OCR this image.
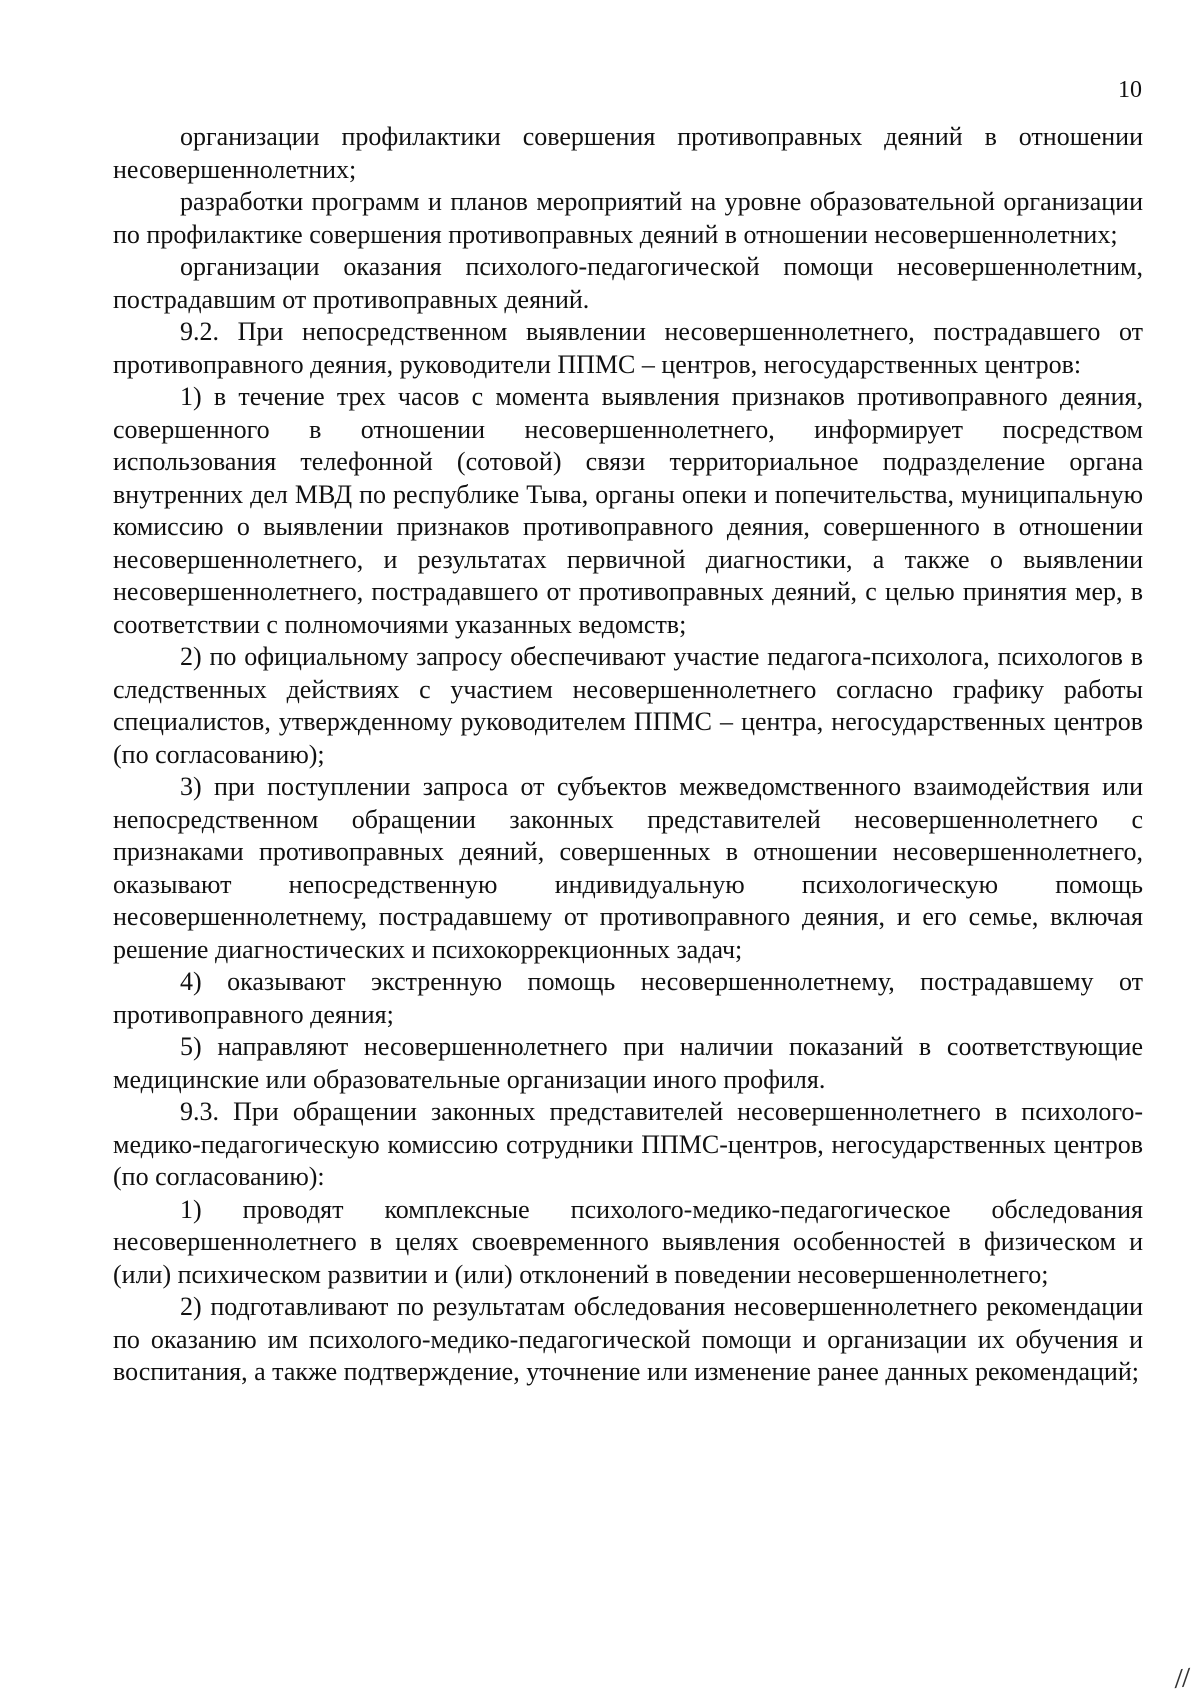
10

организации профилактики совершения противоправных деяний в отношении несовершеннолетних;

разработки программ и планов мероприятий на уровне образовательной организации по профилактике совершения противоправных деяний в отношении несовершеннолетних;

организации оказания психолого-педагогической помощи несовершеннолетним, пострадавшим от противоправных деяний.

9.2. При непосредственном выявлении несовершеннолетнего, пострадавшего от противоправного деяния, руководители ППМС – центров, негосударственных центров:

1) в течение трех часов с момента выявления признаков противоправного деяния, совершенного в отношении несовершеннолетнего, информирует посредством использования телефонной (сотовой) связи территориальное подразделение органа внутренних дел МВД по республике Тыва, органы опеки и попечительства, муниципальную комиссию о выявлении признаков противоправного деяния, совершенного в отношении несовершеннолетнего, и результатах первичной диагностики, а также о выявлении несовершеннолетнего, пострадавшего от противоправных деяний, с целью принятия мер, в соответствии с полномочиями указанных ведомств;

2) по официальному запросу обеспечивают участие педагога-психолога, психологов в следственных действиях с участием несовершеннолетнего согласно графику работы специалистов, утвержденному руководителем ППМС – центра, негосударственных центров (по согласованию);

3) при поступлении запроса от субъектов межведомственного взаимодействия или непосредственном обращении законных представителей несовершеннолетнего с признаками противоправных деяний, совершенных в отношении несовершеннолетнего, оказывают непосредственную индивидуальную психологическую помощь несовершеннолетнему, пострадавшему от противоправного деяния, и его семье, включая решение диагностических и психокоррекционных задач;

4) оказывают экстренную помощь несовершеннолетнему, пострадавшему от противоправного деяния;

5) направляют несовершеннолетнего при наличии показаний в соответствующие медицинские или образовательные организации иного профиля.

9.3. При обращении законных представителей несовершеннолетнего в психолого-медико-педагогическую комиссию сотрудники ППМС-центров, негосударственных центров (по согласованию):

1) проводят комплексные психолого-медико-педагогическое обследования несовершеннолетнего в целях своевременного выявления особенностей в физическом и (или) психическом развитии и (или) отклонений в поведении несовершеннолетнего;

2) подготавливают по результатам обследования несовершеннолетнего рекомендации по оказанию им психолого-медико-педагогической помощи и организации их обучения и воспитания, а также подтверждение, уточнение или изменение ранее данных рекомендаций;

//
